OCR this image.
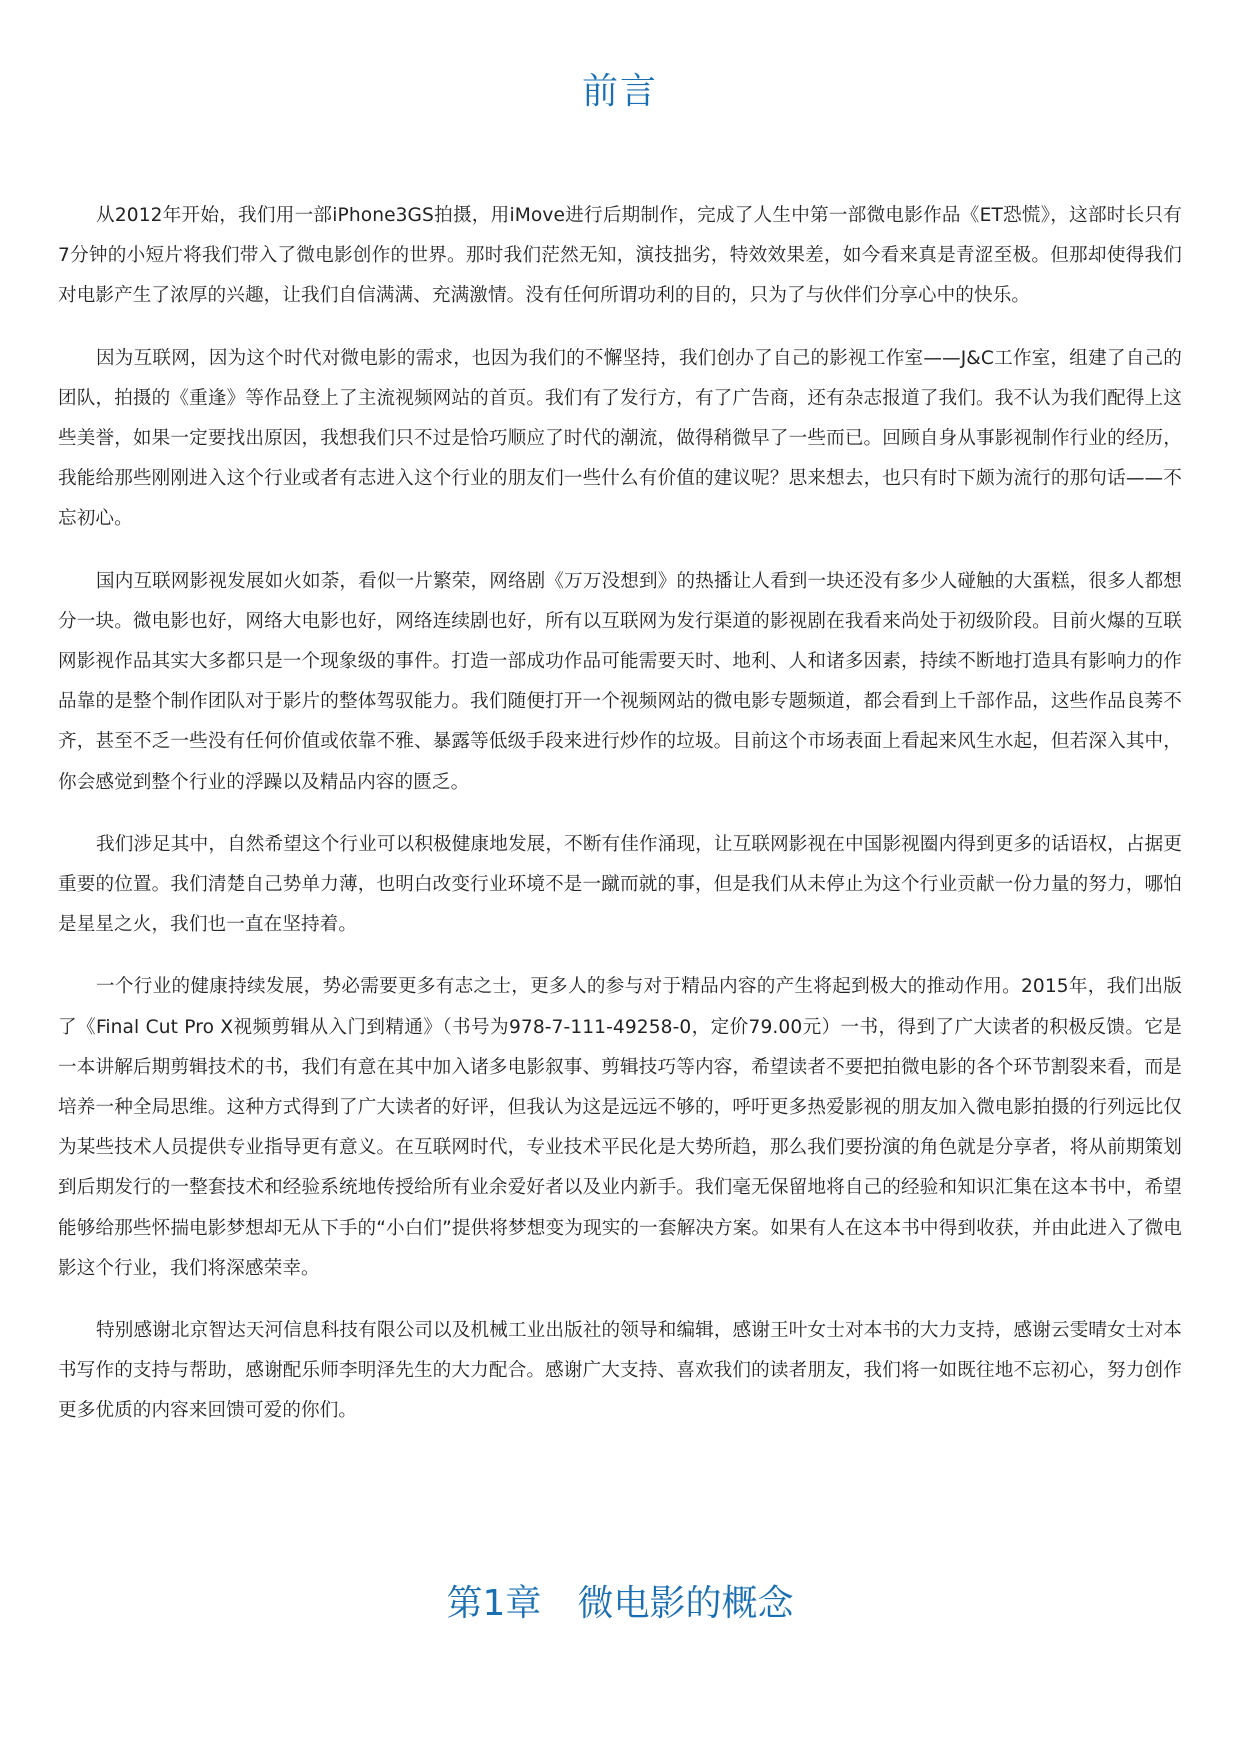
前言

从2012年开始，我们用一部iPhone3GS拍摄，用iMove进行后期制作，完成了人生中第一部微电影作品《ET恐慌》，这部时长只有7分钟的小短片将我们带入了微电影创作的世界。那时我们茫然无知，演技拙劣，特效效果差，如今看来真是青涩至极。但那却使得我们对电影产生了浓厚的兴趣，让我们自信满满、充满激情。没有任何所谓功利的目的，只为了与伙伴们分享心中的快乐。

因为互联网，因为这个时代对微电影的需求，也因为我们的不懈坚持，我们创办了自己的影视工作室——J&C工作室，组建了自己的团队，拍摄的《重逢》等作品登上了主流视频网站的首页。我们有了发行方，有了广告商，还有杂志报道了我们。我不认为我们配得上这些美誉，如果一定要找出原因，我想我们只不过是恰巧顺应了时代的潮流，做得稍微早了一些而已。回顾自身从事影视制作行业的经历，我能给那些刚刚进入这个行业或者有志进入这个行业的朋友们一些什么有价值的建议呢？思来想去，也只有时下颇为流行的那句话——不忘初心。

国内互联网影视发展如火如荼，看似一片繁荣，网络剧《万万没想到》的热播让人看到一块还没有多少人碰触的大蛋糕，很多人都想分一块。微电影也好，网络大电影也好，网络连续剧也好，所有以互联网为发行渠道的影视剧在我看来尚处于初级阶段。目前火爆的互联网影视作品其实大多都只是一个现象级的事件。打造一部成功作品可能需要天时、地利、人和诸多因素，持续不断地打造具有影响力的作品靠的是整个制作团队对于影片的整体驾驭能力。我们随便打开一个视频网站的微电影专题频道，都会看到上千部作品，这些作品良莠不齐，甚至不乏一些没有任何价值或依靠不雅、暴露等低级手段来进行炒作的垃圾。目前这个市场表面上看起来风生水起，但若深入其中，你会感觉到整个行业的浮躁以及精品内容的匮乏。

我们涉足其中，自然希望这个行业可以积极健康地发展，不断有佳作涌现，让互联网影视在中国影视圈内得到更多的话语权，占据更重要的位置。我们清楚自己势单力薄，也明白改变行业环境不是一蹴而就的事，但是我们从未停止为这个行业贡献一份力量的努力，哪怕是星星之火，我们也一直在坚持着。

一个行业的健康持续发展，势必需要更多有志之士，更多人的参与对于精品内容的产生将起到极大的推动作用。2015年，我们出版了《Final Cut Pro X视频剪辑从入门到精通》（书号为978-7-111-49258-0，定价79.00元）一书，得到了广大读者的积极反馈。它是一本讲解后期剪辑技术的书，我们有意在其中加入诸多电影叙事、剪辑技巧等内容，希望读者不要把拍微电影的各个环节割裂来看，而是培养一种全局思维。这种方式得到了广大读者的好评，但我认为这是远远不够的，呼吁更多热爱影视的朋友加入微电影拍摄的行列远比仅为某些技术人员提供专业指导更有意义。在互联网时代，专业技术平民化是大势所趋，那么我们要扮演的角色就是分享者，将从前期策划到后期发行的一整套技术和经验系统地传授给所有业余爱好者以及业内新手。我们毫无保留地将自己的经验和知识汇集在这本书中，希望能够给那些怀揣电影梦想却无从下手的“小白们”提供将梦想变为现实的一套解决方案。如果有人在这本书中得到收获，并由此进入了微电影这个行业，我们将深感荣幸。

特别感谢北京智达天河信息科技有限公司以及机械工业出版社的领导和编辑，感谢王叶女士对本书的大力支持，感谢云雯晴女士对本书写作的支持与帮助，感谢配乐师李明泽先生的大力配合。感谢广大支持、喜欢我们的读者朋友，我们将一如既往地不忘初心，努力创作更多优质的内容来回馈可爱的你们。

第1章 微电影的概念
